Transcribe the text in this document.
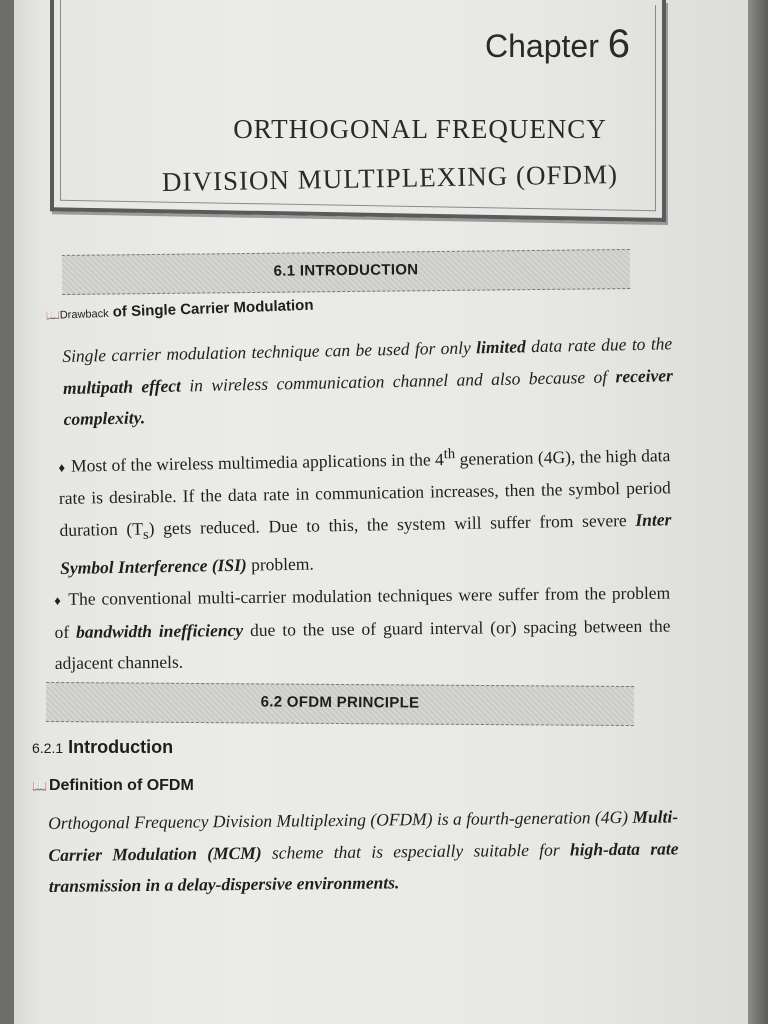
Chapter 6
ORTHOGONAL FREQUENCY
DIVISION MULTIPLEXING (OFDM)
6.1 INTRODUCTION
📖Drawback of Single Carrier Modulation
Single carrier modulation technique can be used for only limited data rate due to the multipath effect in wireless communication channel and also because of receiver complexity.
♦ Most of the wireless multimedia applications in the 4th generation (4G), the high data rate is desirable. If the data rate in communication increases, then the symbol period duration $(T_s)$ gets reduced. Due to this, the system will suffer from severe Inter Symbol Interference (ISI) problem.
♦ The conventional multi-carrier modulation techniques were suffer from the problem of bandwidth inefficiency due to the use of guard interval (or) spacing between the adjacent channels.
6.2 OFDM PRINCIPLE
6.2.1 Introduction
📖 Definition of OFDM
Orthogonal Frequency Division Multiplexing (OFDM) is a fourth-generation (4G) Multi-Carrier Modulation (MCM) scheme that is especially suitable for high-data rate transmission in a delay-dispersive environments.
